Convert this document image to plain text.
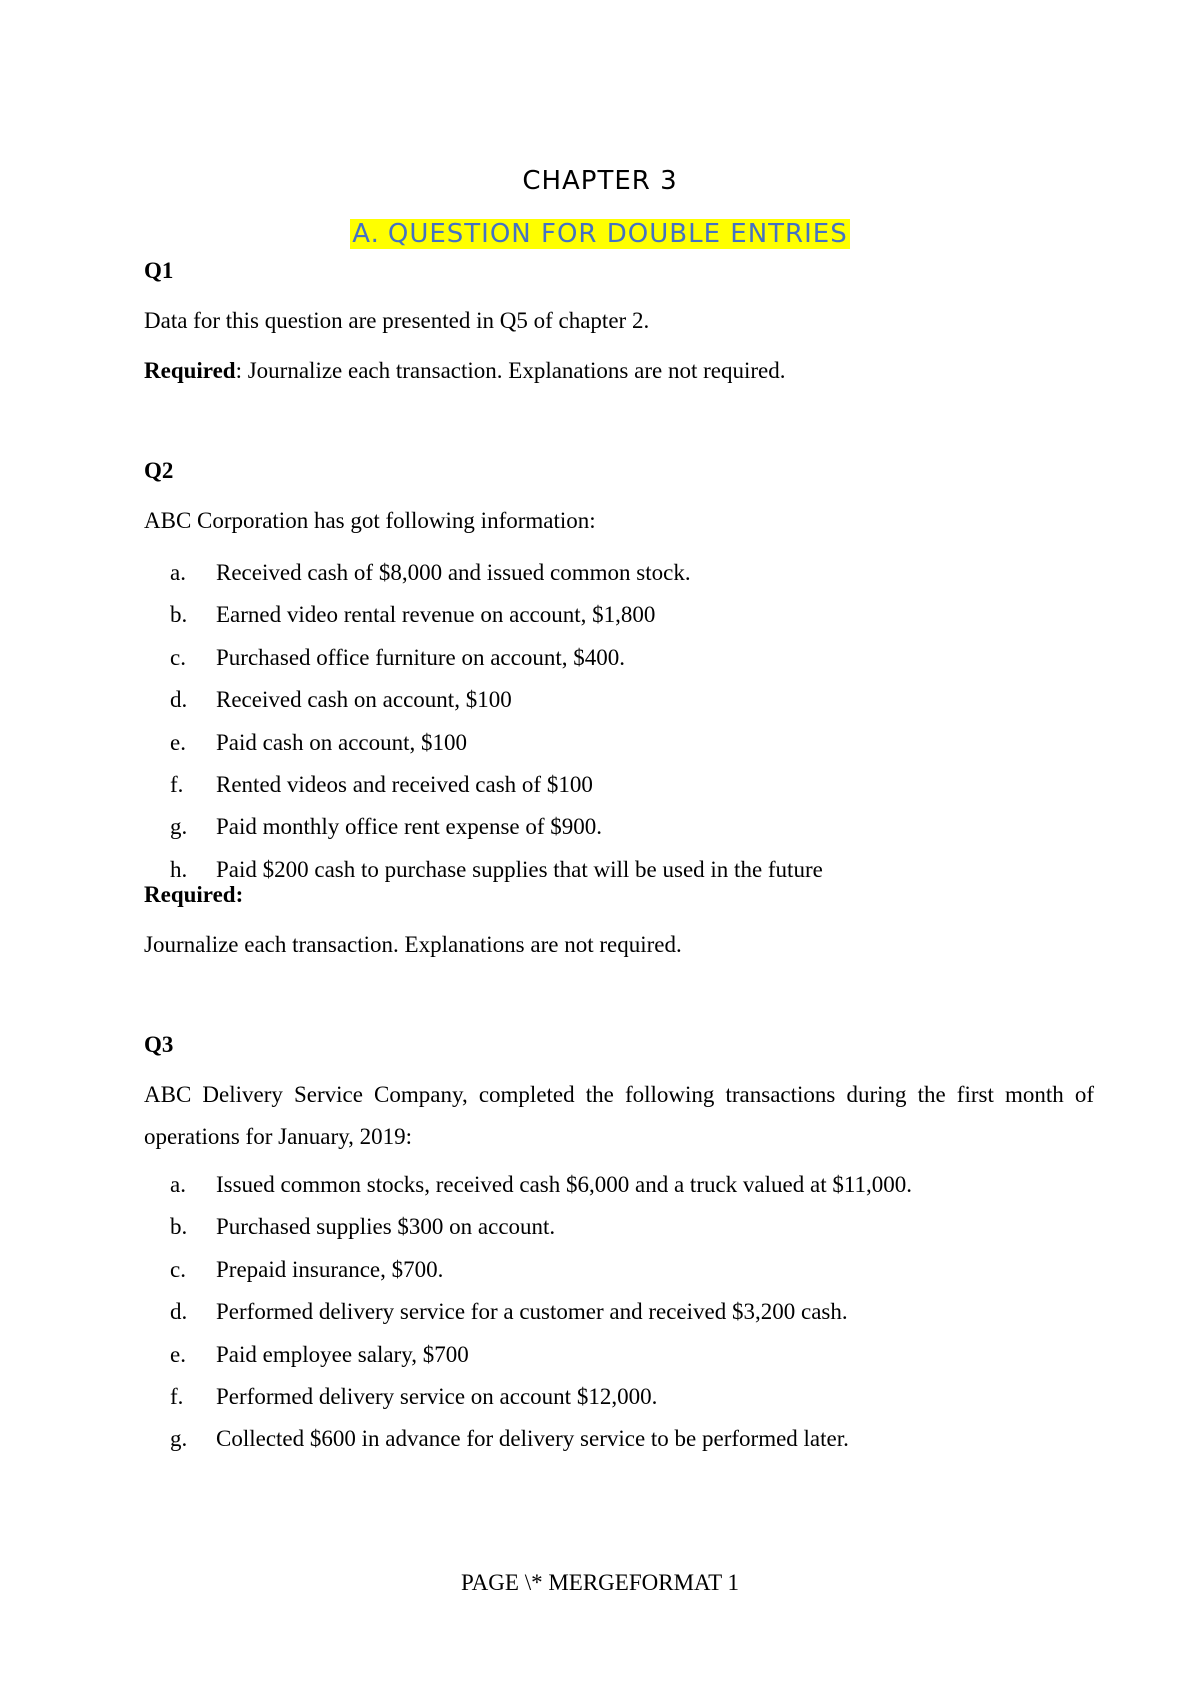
CHAPTER 3
A. QUESTION FOR DOUBLE ENTRIES

Q1

Data for this question are presented in Q5 of chapter 2.

Required: Journalize each transaction. Explanations are not required.

Q2

ABC Corporation has got following information:

a.	Received cash of $8,000 and issued common stock.
b.	Earned video rental revenue on account, $1,800
c.	Purchased office furniture on account, $400.
d.	Received cash on account, $100
e.	Paid cash on account, $100
f.	Rented videos and received cash of $100
g.	Paid monthly office rent expense of $900.
h.	Paid $200 cash to purchase supplies that will be used in the future

Required:

Journalize each transaction. Explanations are not required.

Q3

ABC Delivery Service Company, completed the following transactions during the first month of operations for January, 2019:

a.	Issued common stocks, received cash $6,000 and a truck valued at $11,000.
b.	Purchased supplies $300 on account.
c.	Prepaid insurance, $700.
d.	Performed delivery service for a customer and received $3,200 cash.
e.	Paid employee salary, $700
f.	Performed delivery service on account $12,000.
g.	Collected $600 in advance for delivery service to be performed later.
PAGE \* MERGEFORMAT 1
